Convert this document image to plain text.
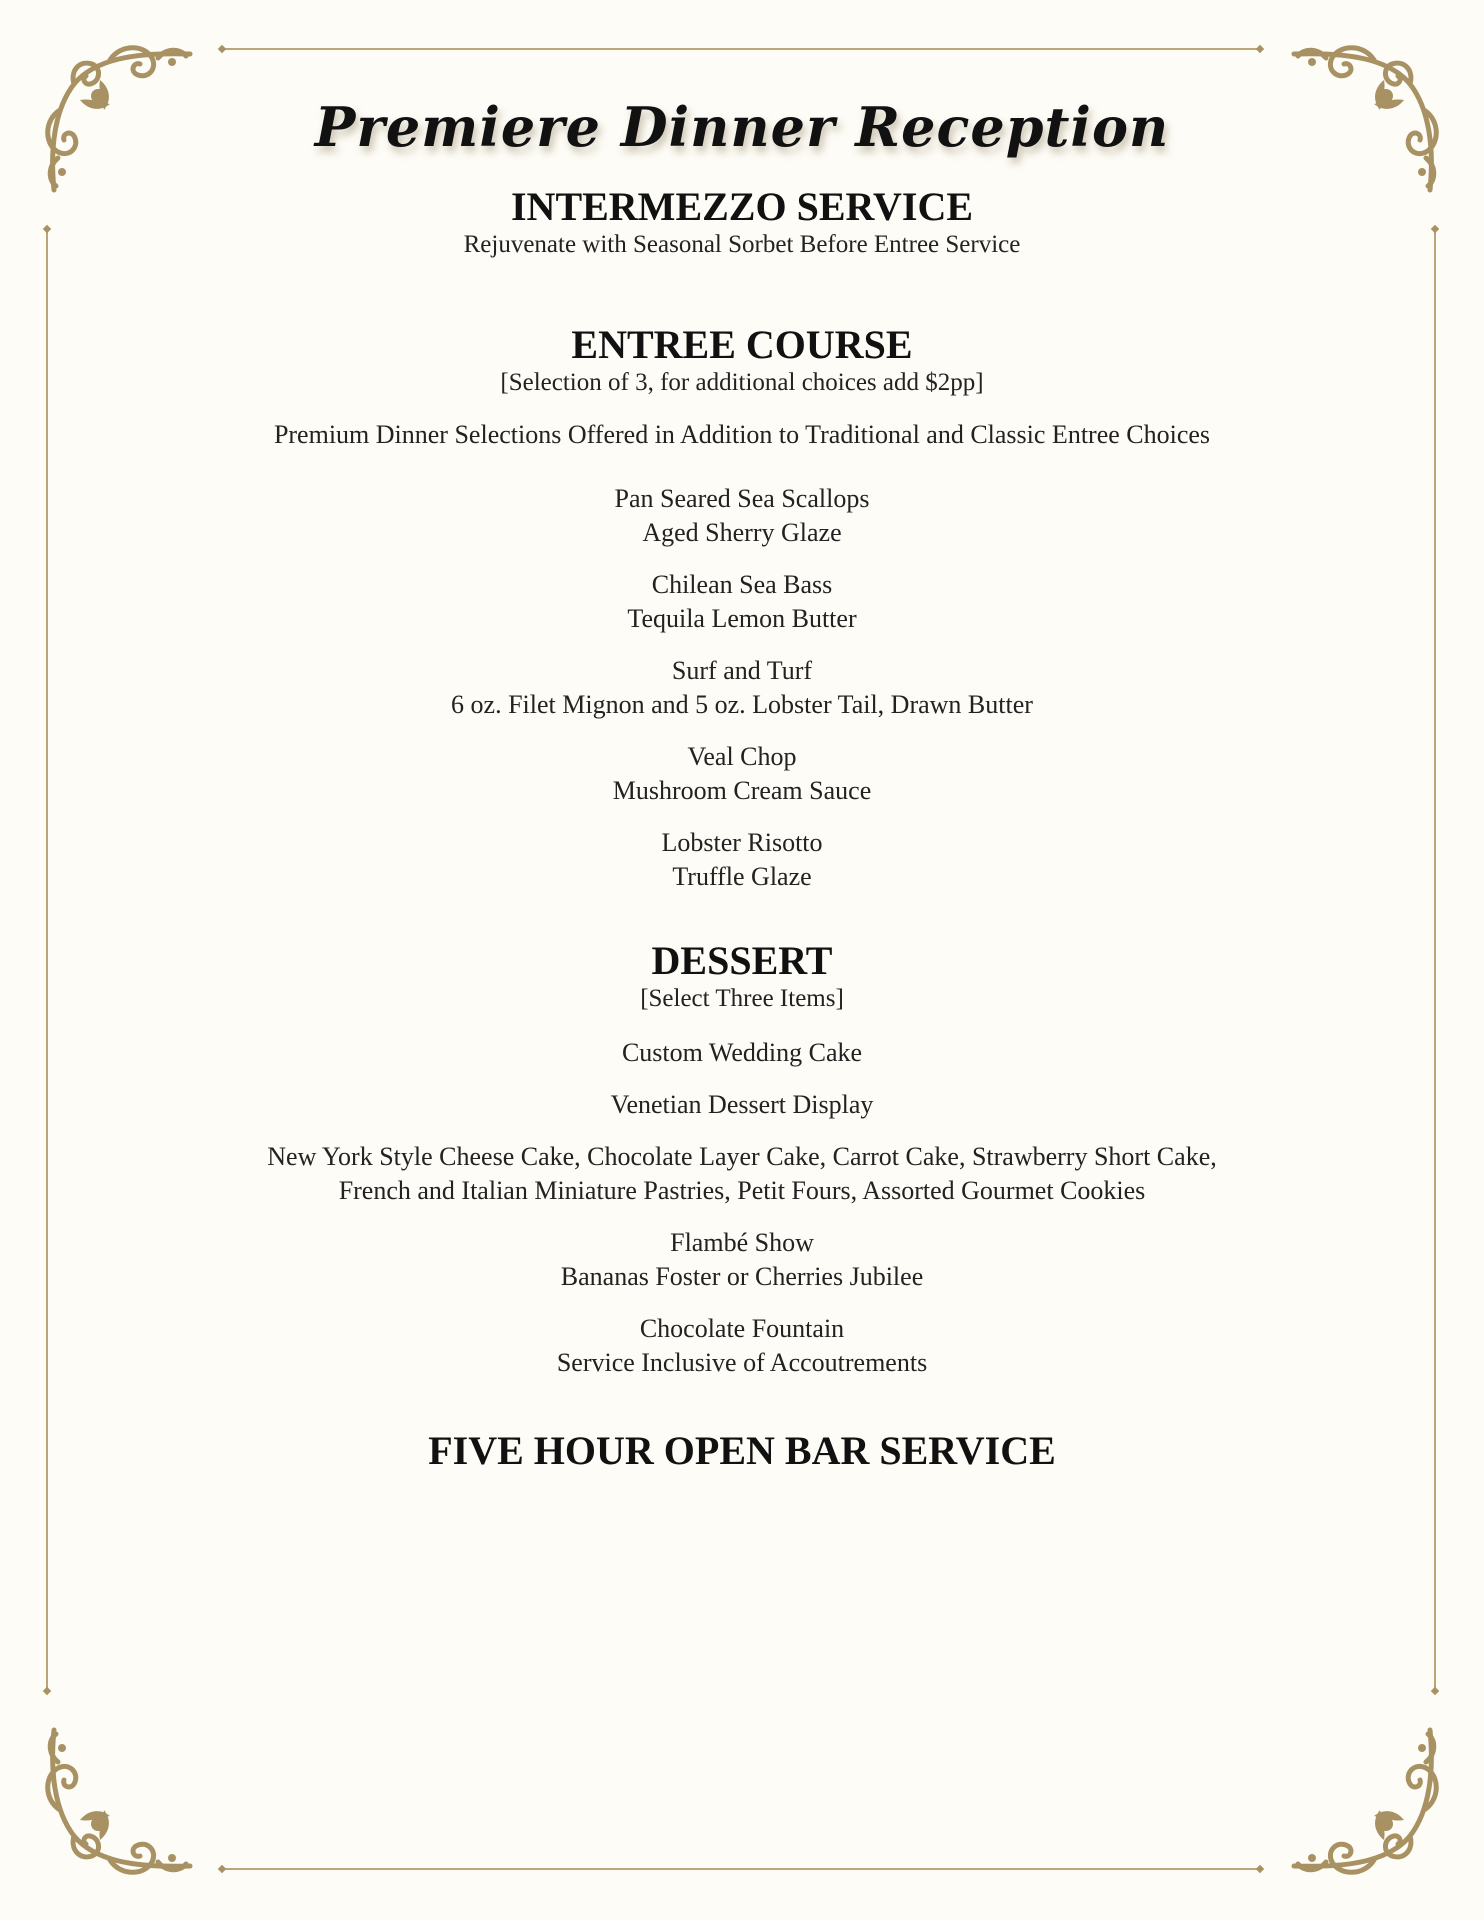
Premiere Dinner Reception
INTERMEZZO SERVICE

Rejuvenate with Seasonal Sorbet Before Entree Service

ENTREE COURSE

[Selection of 3, for additional choices add $2pp]

Premium Dinner Selections Offered in Addition to Traditional and Classic Entree Choices

Pan Seared Sea Scallops

Aged Sherry Glaze

Chilean Sea Bass

Tequila Lemon Butter

Surf and Turf

6 oz. Filet Mignon and 5 oz. Lobster Tail, Drawn Butter

Veal Chop

Mushroom Cream Sauce

Lobster Risotto

Truffle Glaze

DESSERT

[Select Three Items]

Custom Wedding Cake

Venetian Dessert Display

New York Style Cheese Cake, Chocolate Layer Cake, Carrot Cake, Strawberry Short Cake,

French and Italian Miniature Pastries, Petit Fours, Assorted Gourmet Cookies

Flambé Show

Bananas Foster or Cherries Jubilee

Chocolate Fountain

Service Inclusive of Accoutrements

FIVE HOUR OPEN BAR SERVICE
